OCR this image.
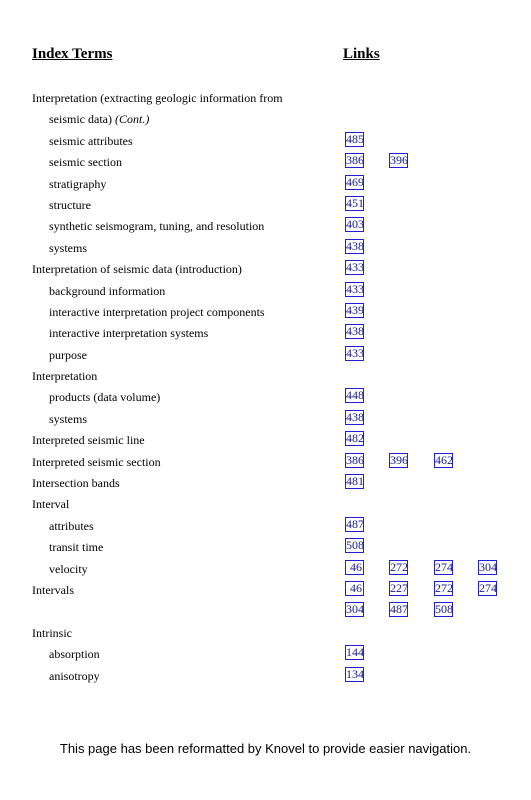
Index Terms	Links
Interpretation (extracting geologic information from
seismic data) (Cont.)
seismic attributes	485
seismic section	386 396
stratigraphy	469
structure	451
synthetic seismogram, tuning, and resolution	403
systems	438
Interpretation of seismic data (introduction)	433
background information	433
interactive interpretation project components	439
interactive interpretation systems	438
purpose	433
Interpretation
products (data volume)	448
systems	438
Interpreted seismic line	482
Interpreted seismic section	386 396 462
Intersection bands	481
Interval
attributes	487
transit time	508
velocity	46 272 274 304
Intervals	46 227 272 274
304 487 508
Intrinsic
absorption	144
anisotropy	134
This page has been reformatted by Knovel to provide easier navigation.
